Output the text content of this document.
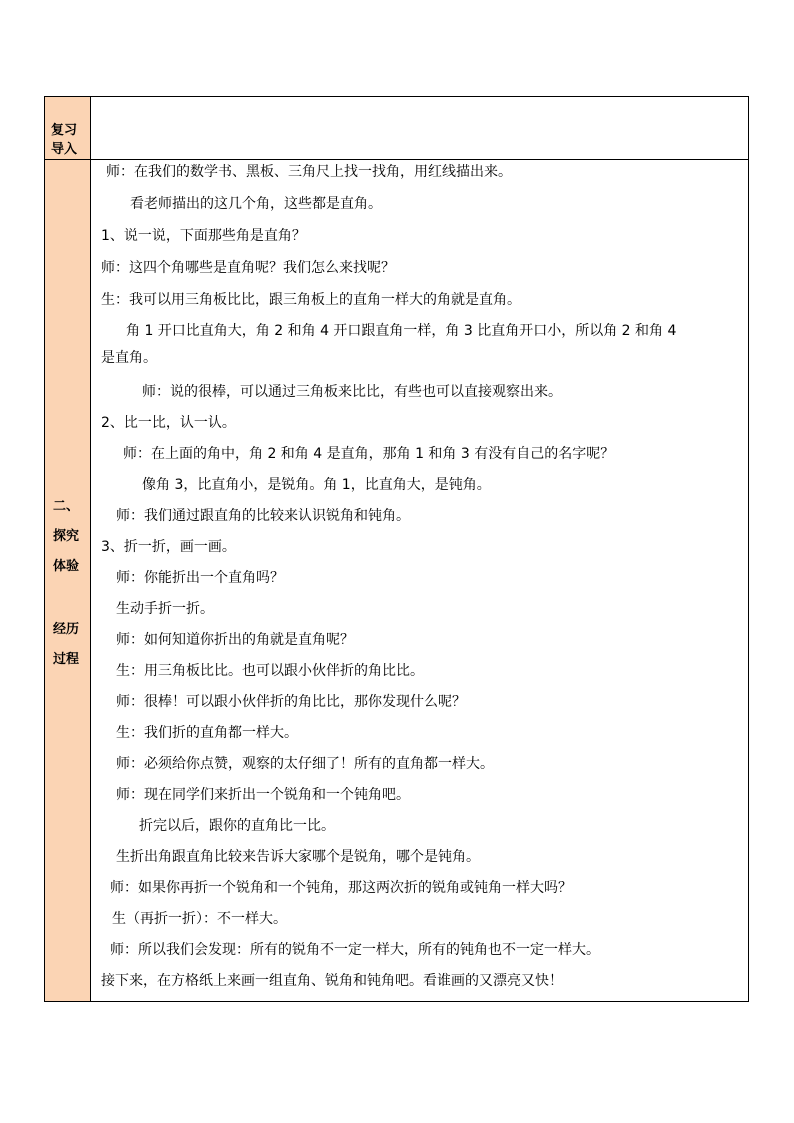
复习
导入
二、
探究
体验
经历
过程
师：在我们的数学书、黑板、三角尺上找一找角，用红线描出来。
看老师描出的这几个角，这些都是直角。
1、说一说，下面那些角是直角？
师：这四个角哪些是直角呢？我们怎么来找呢？
生：我可以用三角板比比，跟三角板上的直角一样大的角就是直角。
角 1 开口比直角大，角 2 和角 4 开口跟直角一样，角 3 比直角开口小，所以角 2 和角 4
是直角。
师：说的很棒，可以通过三角板来比比，有些也可以直接观察出来。
2、比一比，认一认。
师：在上面的角中，角 2 和角 4 是直角，那角 1 和角 3 有没有自己的名字呢？
像角 3，比直角小，是锐角。角 1，比直角大，是钝角。
师：我们通过跟直角的比较来认识锐角和钝角。
3、折一折，画一画。
师：你能折出一个直角吗？
生动手折一折。
师：如何知道你折出的角就是直角呢？
生：用三角板比比。也可以跟小伙伴折的角比比。
师：很棒！可以跟小伙伴折的角比比，那你发现什么呢？
生：我们折的直角都一样大。
师：必须给你点赞，观察的太仔细了！所有的直角都一样大。
师：现在同学们来折出一个锐角和一个钝角吧。
折完以后，跟你的直角比一比。
生折出角跟直角比较来告诉大家哪个是锐角，哪个是钝角。
师：如果你再折一个锐角和一个钝角，那这两次折的锐角或钝角一样大吗？
生（再折一折）：不一样大。
师：所以我们会发现：所有的锐角不一定一样大，所有的钝角也不一定一样大。
接下来，在方格纸上来画一组直角、锐角和钝角吧。看谁画的又漂亮又快！
